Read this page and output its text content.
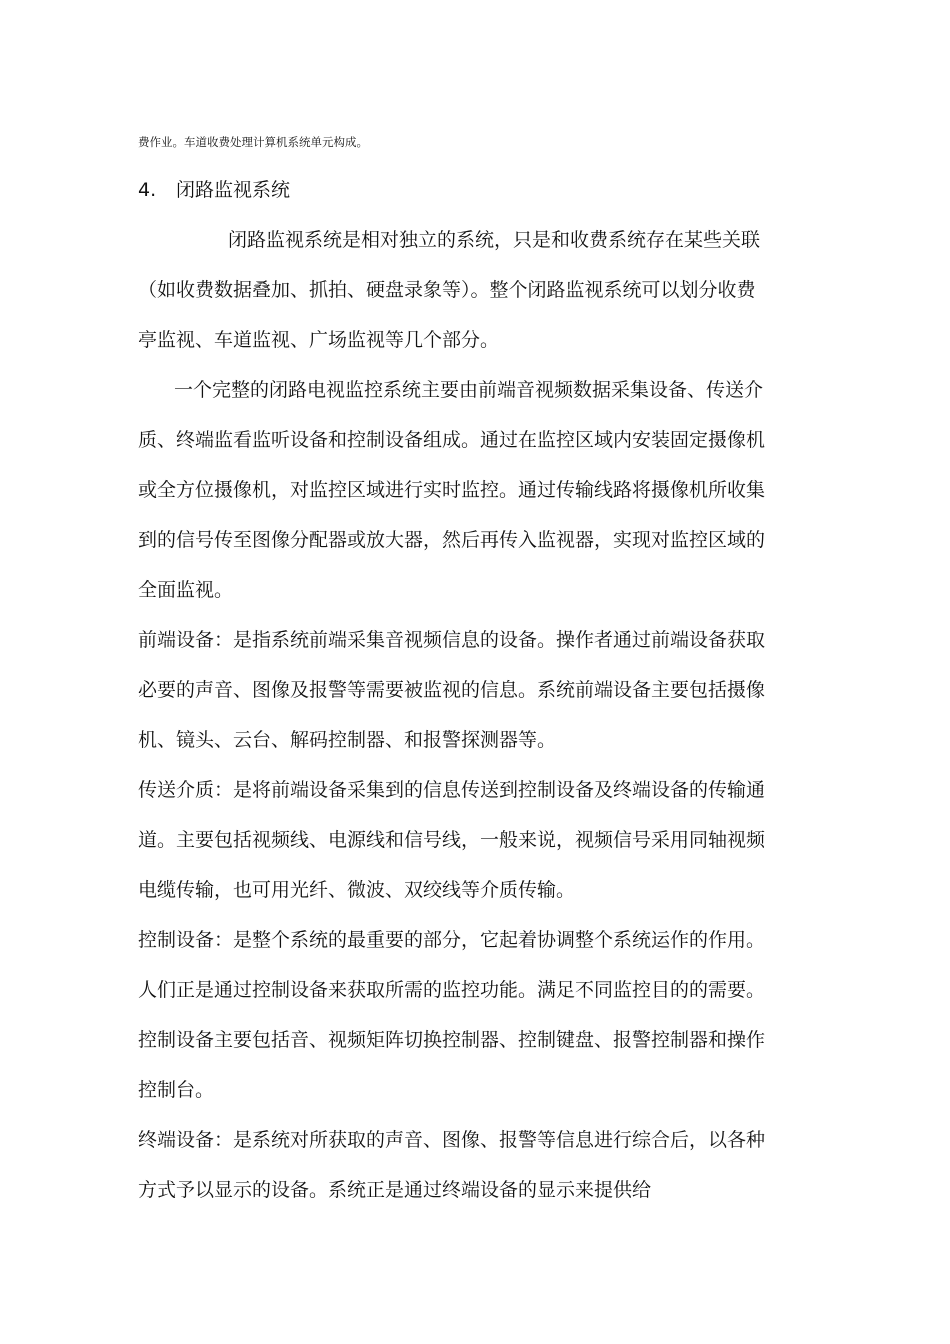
费作业。车道收费处理计算机系统单元构成。
4. 闭路监视系统
闭路监视系统是相对独立的系统，只是和收费系统存在某些关联
（如收费数据叠加、抓拍、硬盘录象等）。整个闭路监视系统可以划分收费
亭监视、车道监视、广场监视等几个部分。
一个完整的闭路电视监控系统主要由前端音视频数据采集设备、传送介
质、终端监看监听设备和控制设备组成。通过在监控区域内安装固定摄像机
或全方位摄像机，对监控区域进行实时监控。通过传输线路将摄像机所收集
到的信号传至图像分配器或放大器，然后再传入监视器，实现对监控区域的
全面监视。
前端设备：是指系统前端采集音视频信息的设备。操作者通过前端设备获取
必要的声音、图像及报警等需要被监视的信息。系统前端设备主要包括摄像
机、镜头、云台、解码控制器、和报警探测器等。
传送介质：是将前端设备采集到的信息传送到控制设备及终端设备的传输通
道。主要包括视频线、电源线和信号线，一般来说，视频信号采用同轴视频
电缆传输，也可用光纤、微波、双绞线等介质传输。
控制设备：是整个系统的最重要的部分，它起着协调整个系统运作的作用。
人们正是通过控制设备来获取所需的监控功能。满足不同监控目的的需要。
控制设备主要包括音、视频矩阵切换控制器、控制键盘、报警控制器和操作
控制台。
终端设备：是系统对所获取的声音、图像、报警等信息进行综合后，以各种
方式予以显示的设备。系统正是通过终端设备的显示来提供给
